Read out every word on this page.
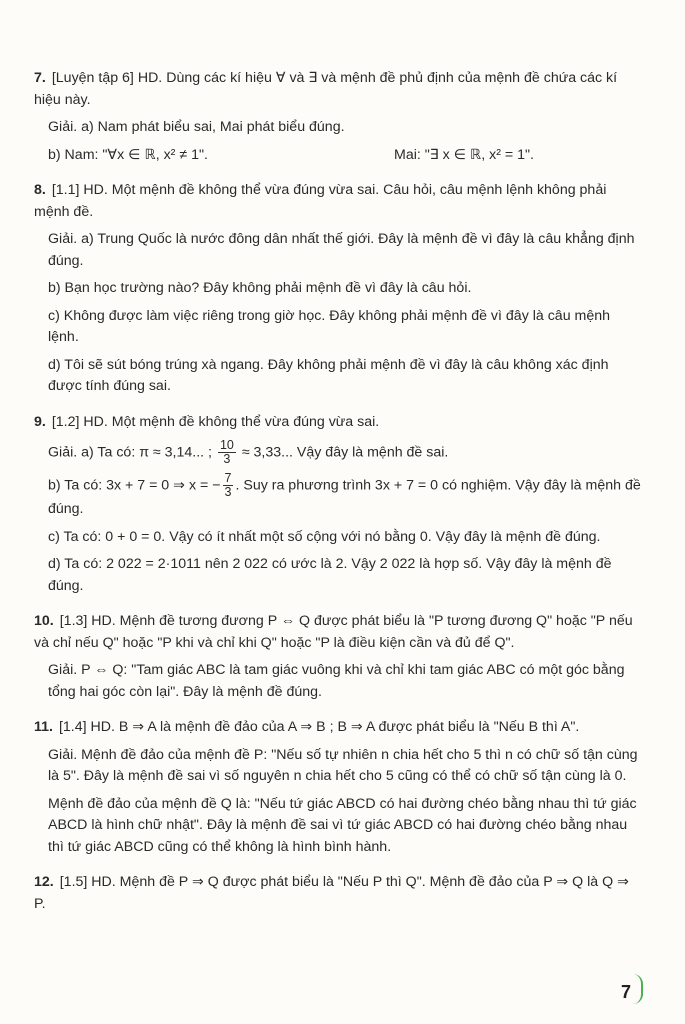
7. [Luyện tập 6] HD. Dùng các kí hiệu ∀ và ∃ và mệnh đề phủ định của mệnh đề chứa các kí hiệu này.

Giải. a) Nam phát biểu sai, Mai phát biểu đúng.

b) Nam: "∀x ∈ ℝ, x² ≠ 1".	Mai: "∃ x ∈ ℝ, x² = 1".

8. [1.1] HD. Một mệnh đề không thể vừa đúng vừa sai. Câu hỏi, câu mệnh lệnh không phải mệnh đề.

Giải. a) Trung Quốc là nước đông dân nhất thế giới. Đây là mệnh đề vì đây là câu khẳng định đúng.

b) Bạn học trường nào? Đây không phải mệnh đề vì đây là câu hỏi.

c) Không được làm việc riêng trong giờ học. Đây không phải mệnh đề vì đây là câu mệnh lệnh.

d) Tôi sẽ sút bóng trúng xà ngang. Đây không phải mệnh đề vì đây là câu không xác định được tính đúng sai.

9. [1.2] HD. Một mệnh đề không thể vừa đúng vừa sai.

Giải. a) Ta có: π ≈ 3,14... ; $\frac{10}{3} \approx 3,33$... Vậy đây là mệnh đề sai.

b) Ta có: 3x + 7 = 0 ⇒ x = − $\frac{7}{3}$ . Suy ra phương trình 3x + 7 = 0 có nghiệm. Vậy đây là mệnh đề đúng.

c) Ta có: 0 + 0 = 0. Vậy có ít nhất một số cộng với nó bằng 0. Vậy đây là mệnh đề đúng.

d) Ta có: 2 022 = 2·1011 nên 2 022 có ước là 2. Vậy 2 022 là hợp số. Vậy đây là mệnh đề đúng.

10. [1.3] HD. Mệnh đề tương đương P ⇔ Q được phát biểu là "P tương đương Q" hoặc "P nếu và chỉ nếu Q" hoặc "P khi và chỉ khi Q" hoặc "P là điều kiện cần và đủ để Q".

Giải. P ⇔ Q: "Tam giác ABC là tam giác vuông khi và chỉ khi tam giác ABC có một góc bằng tổng hai góc còn lại". Đây là mệnh đề đúng.

11. [1.4] HD. B ⇒ A là mệnh đề đảo của A ⇒ B ; B ⇒ A được phát biểu là "Nếu B thì A".

Giải. Mệnh đề đảo của mệnh đề P: "Nếu số tự nhiên n chia hết cho 5 thì n có chữ số tận cùng là 5". Đây là mệnh đề sai vì số nguyên n chia hết cho 5 cũng có thể có chữ số tận cùng là 0.

Mệnh đề đảo của mệnh đề Q là: "Nếu tứ giác ABCD có hai đường chéo bằng nhau thì tứ giác ABCD là hình chữ nhật". Đây là mệnh đề sai vì tứ giác ABCD có hai đường chéo bằng nhau thì tứ giác ABCD cũng có thể không là hình bình hành.

12. [1.5] HD. Mệnh đề P ⇒ Q được phát biểu là "Nếu P thì Q". Mệnh đề đảo của P ⇒ Q là Q ⇒ P.

7
